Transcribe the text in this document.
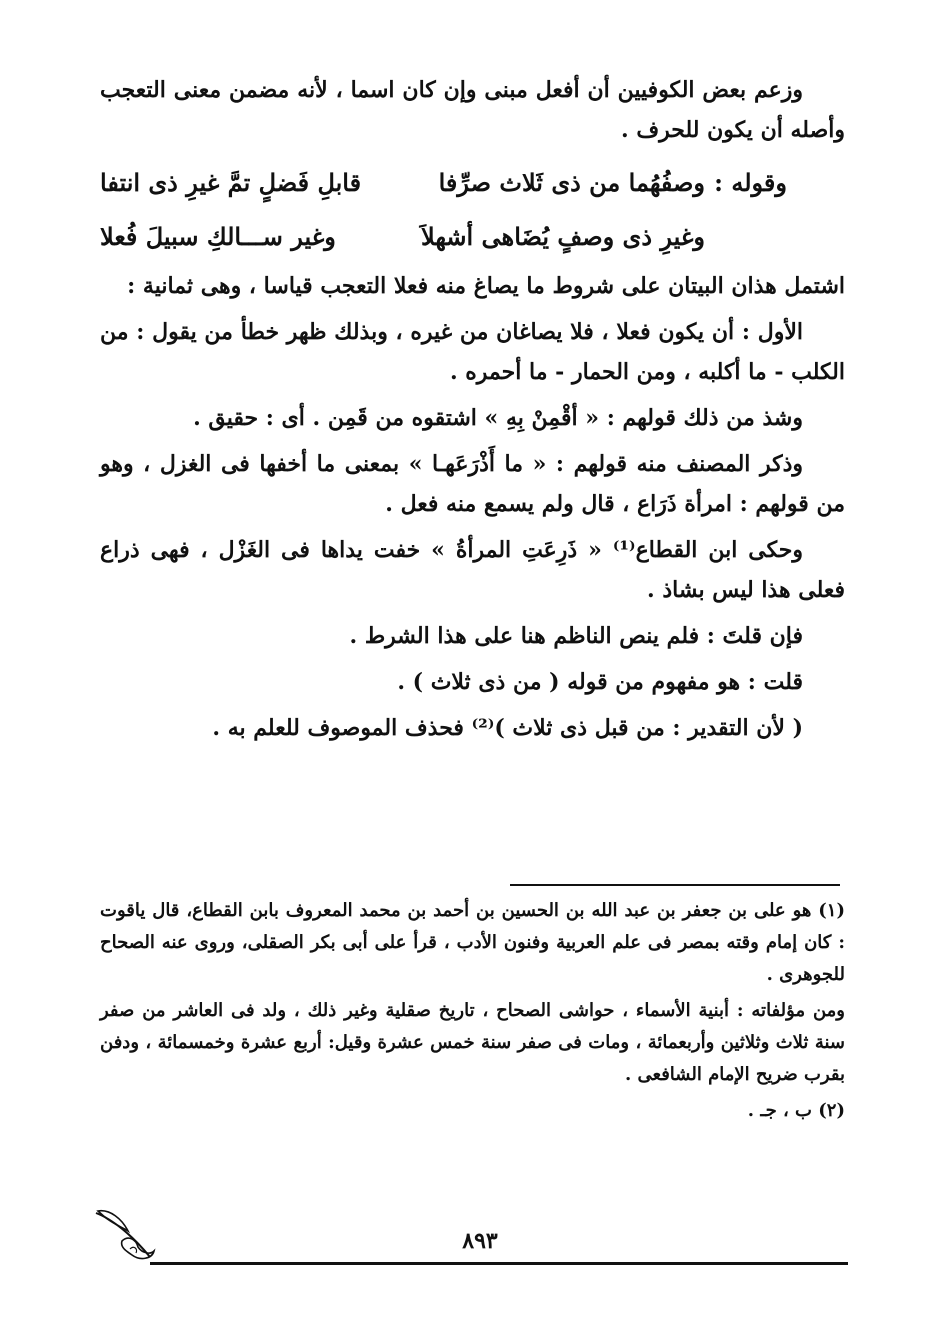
وزعم بعض الكوفيين أن أفعل مبنى وإن كان اسما ، لأنه مضمن معنى التعجب وأصله أن يكون للحرف .

وقوله :
وصفُهُما من ذى ثَلاث صرِّفا
قابلِ فَضلٍ تمَّ غيرِ ذى انتفا
وغيرِ ذى وصفٍ يُضَاهى أشهلاَ
وغير ســـالكِ سبيلَ فُعلا

اشتمل هذان البيتان على شروط ما يصاغ منه فعلا التعجب قياسا ، وهى ثمانية :

الأول : أن يكون فعلا ، فلا يصاغان من غيره ، وبذلك ظهر خطأ من يقول : من الكلب - ما أكلبه ، ومن الحمار - ما أحمره .

وشذ من ذلك قولهم : « أقْمِنْ بِهِ » اشتقوه من قَمِن . أى : حقيق .

وذكر المصنف منه قولهم : « ما أَذْرَعَهـا » بمعنى ما أخفها فى الغزل ، وهو من قولهم : امرأة ذَرَاع ، قال ولم يسمع منه فعل .

وحكى ابن القطاع⁽¹⁾ « ذَرِعَتِ المرأةُ » خفت يداها فى الغَزْل ، فهى ذراع فعلى هذا ليس بشاذ .

فإن قلتَ : فلم ينص الناظم هنا على هذا الشرط .

قلت : هو مفهوم من قوله ( من ذى ثلاث ) .

( لأن التقدير : من قبل ذى ثلاث )⁽²⁾ فحذف الموصوف للعلم به .

(١) هو على بن جعفر بن عبد الله بن الحسين بن أحمد بن محمد المعروف بابن القطاع، قال ياقوت : كان إمام وقته بمصر فى علم العربية وفنون الأدب ، قرأ على أبى بكر الصقلى، وروى عنه الصحاح للجوهرى .

ومن مؤلفاته : أبنية الأسماء ، حواشى الصحاح ، تاريخ صقلية وغير ذلك ، ولد فى العاشر من صفر سنة ثلاث وثلاثين وأربعمائة ، ومات فى صفر سنة خمس عشرة وقيل: أربع عشرة وخمسمائة ، ودفن بقرب ضريح الإمام الشافعى .

(٢) ب ، جـ .

٨٩٣
